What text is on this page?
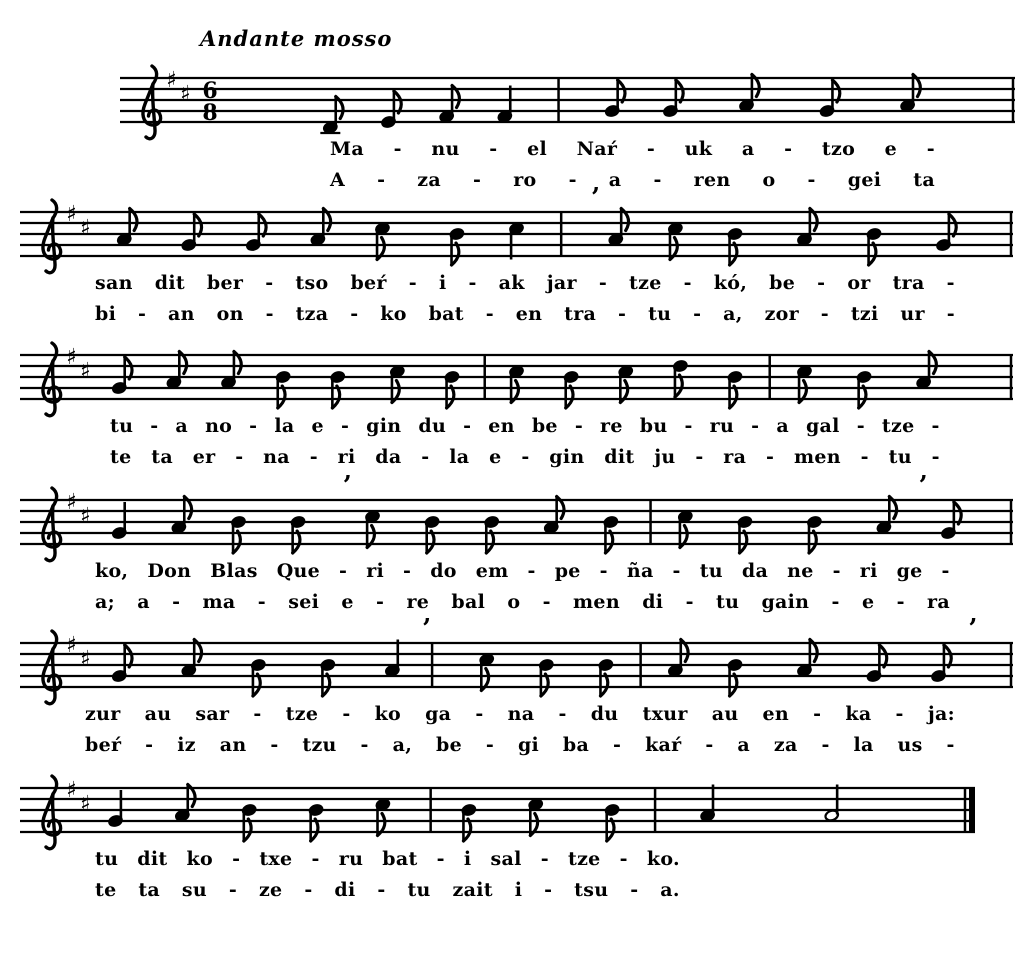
Andante mosso
♯
♯ 6
8
Ma - nu - el Naŕ - uk a - tzo e -
A - za - ro - a - ren o - gei ta
♯
♯
’
san dit ber - tso beŕ - i - ak jar - tze - kó, be - or tra -
bi - an on - tza - ko bat - en tra - tu - a, zor - tzi ur -
♯
♯
tu - a no - la e - gin du - en be - re bu - ru - a gal - tze -
te ta er - na - ri da - la e - gin dit ju - ra - men - tu -
♯
♯
’	’
ko, Don Blas Que - ri - do em - pe - ña - tu da ne - ri ge -
a; a - ma - sei e - re bal o - men di - tu gain - e - ra
♯
♯
’	’
zur au sar - tze - ko ga - na - du txur au en - ka - ja:
beŕ - iz an - tzu - a, be - gi ba - kaŕ - a za - la us -
♯
♯
tu dit ko - txe - ru bat - i sal - tze - ko.
te ta su - ze - di - tu zait i - tsu - a.
